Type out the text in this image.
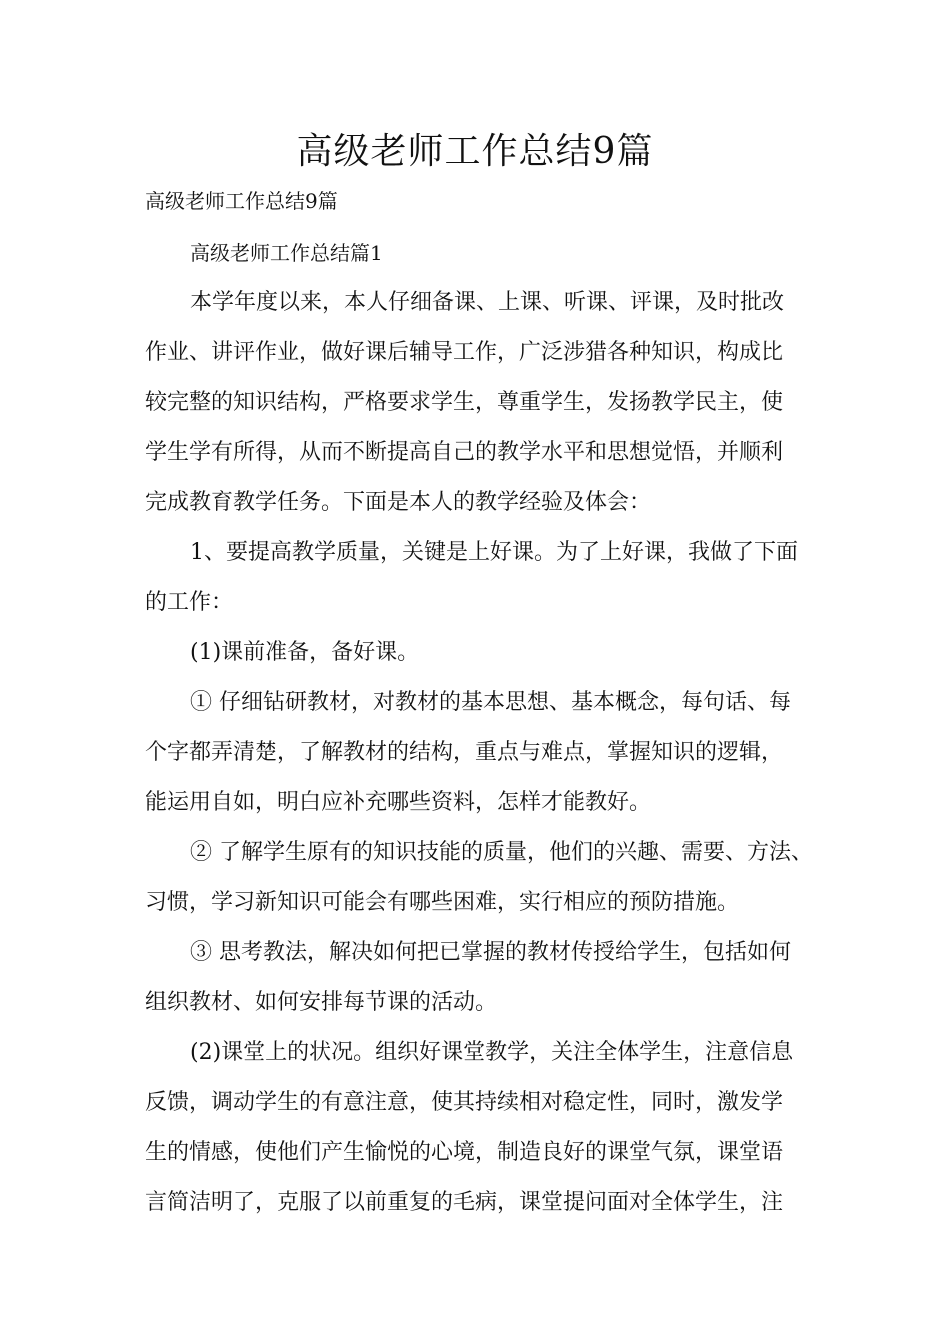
高级老师工作总结9篇
高级老师工作总结9篇
高级老师工作总结篇1
本学年度以来，本人仔细备课、上课、听课、评课，及时批改
作业、讲评作业，做好课后辅导工作，广泛涉猎各种知识，构成比
较完整的知识结构，严格要求学生，尊重学生，发扬教学民主，使
学生学有所得，从而不断提高自己的教学水平和思想觉悟，并顺利
完成教育教学任务。下面是本人的教学经验及体会：
1、要提高教学质量，关键是上好课。为了上好课，我做了下面
的工作：
(1)课前准备，备好课。
① 仔细钻研教材，对教材的基本思想、基本概念，每句话、每
个字都弄清楚，了解教材的结构，重点与难点，掌握知识的逻辑，
能运用自如，明白应补充哪些资料，怎样才能教好。
② 了解学生原有的知识技能的质量，他们的兴趣、需要、方法、
习惯，学习新知识可能会有哪些困难，实行相应的预防措施。
③ 思考教法，解决如何把已掌握的教材传授给学生，包括如何
组织教材、如何安排每节课的活动。
(2)课堂上的状况。组织好课堂教学，关注全体学生，注意信息
反馈，调动学生的有意注意，使其持续相对稳定性，同时，激发学
生的情感，使他们产生愉悦的心境，制造良好的课堂气氛，课堂语
言简洁明了，克服了以前重复的毛病，课堂提问面对全体学生，注
